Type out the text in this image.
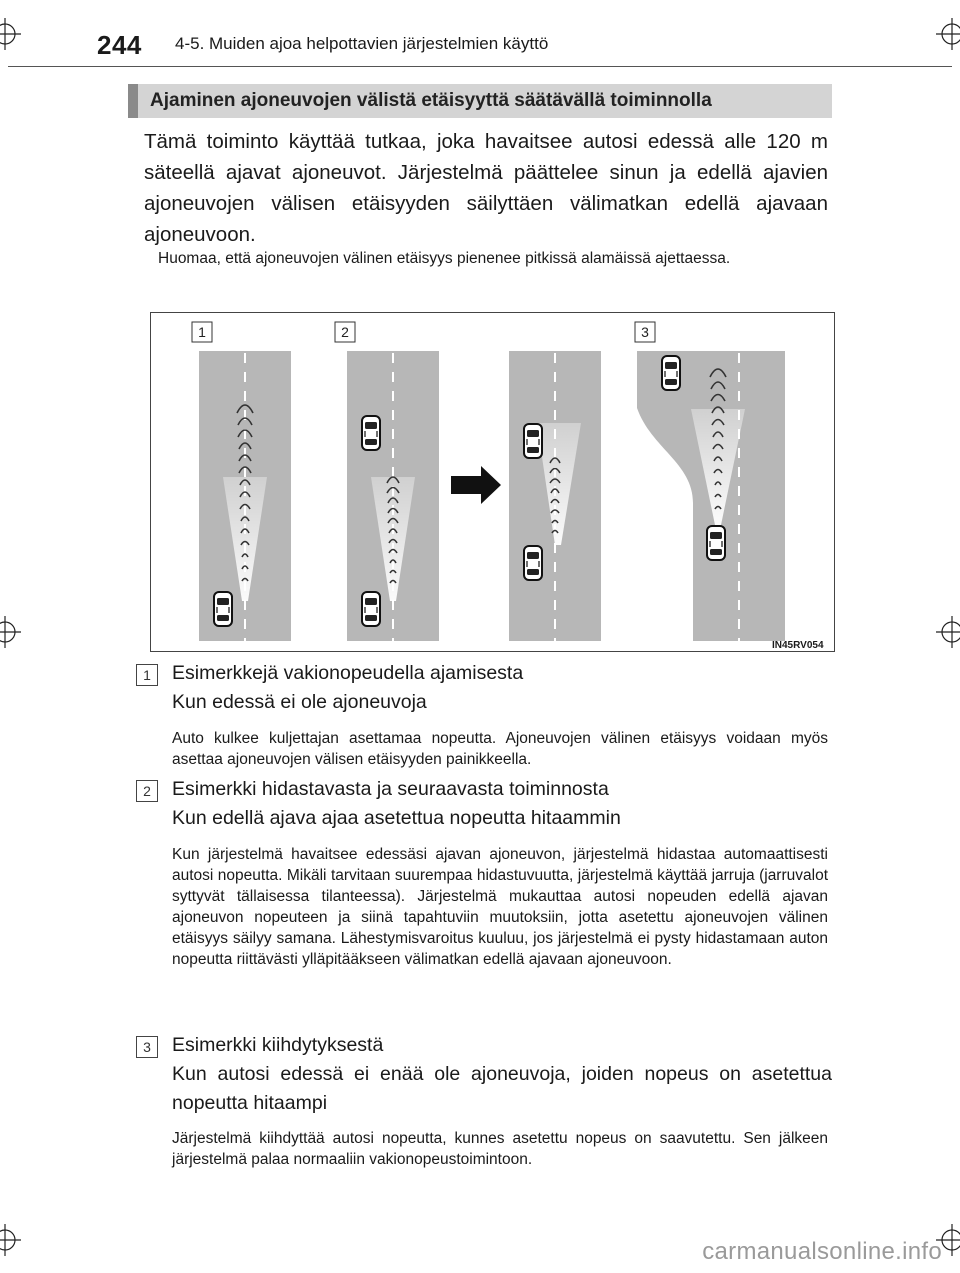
244 4-5. Muiden ajoa helpottavien järjestelmien käyttö
Ajaminen ajoneuvojen välistä etäisyyttä säätävällä toiminnolla
Tämä toiminto käyttää tutkaa, joka havaitsee autosi edessä alle 120 m säteellä ajavat ajoneuvot. Järjestelmä päättelee sinun ja edellä ajavien ajoneuvojen välisen etäisyyden säilyttäen välimatkan edellä ajavaan ajoneuvoon.
Huomaa, että ajoneuvojen välinen etäisyys pienenee pitkissä alamäissä ajettaessa.
1	2	3
IN45RV054
1	Esimerkkejä vakionopeudella ajamisesta
Kun edessä ei ole ajoneuvoja
Auto kulkee kuljettajan asettamaa nopeutta. Ajoneuvojen välinen etäisyys voidaan myös asettaa ajoneuvojen välisen etäisyyden painikkeella.
2	Esimerkki hidastavasta ja seuraavasta toiminnosta
Kun edellä ajava ajaa asetettua nopeutta hitaammin
Kun järjestelmä havaitsee edessäsi ajavan ajoneuvon, järjestelmä hidastaa automaattisesti autosi nopeutta. Mikäli tarvitaan suurempaa hidastuvuutta, järjestelmä käyttää jarruja (jarruvalot syttyvät tällaisessa tilanteessa). Järjestelmä mukauttaa autosi nopeuden edellä ajavan ajoneuvon nopeuteen ja siinä tapahtuviin muutoksiin, jotta asetettu ajoneuvojen välinen etäisyys säilyy samana. Lähestymisvaroitus kuuluu, jos järjestelmä ei pysty hidastamaan auton nopeutta riittävästi ylläpitääkseen välimatkan edellä ajavaan ajoneuvoon.
3	Esimerkki kiihdytyksestä
Kun autosi edessä ei enää ole ajoneuvoja, joiden nopeus on asetettua nopeutta hitaampi
Järjestelmä kiihdyttää autosi nopeutta, kunnes asetettu nopeus on saavutettu. Sen jälkeen järjestelmä palaa normaaliin vakionopeustoimintoon.
carmanualsonline.info
